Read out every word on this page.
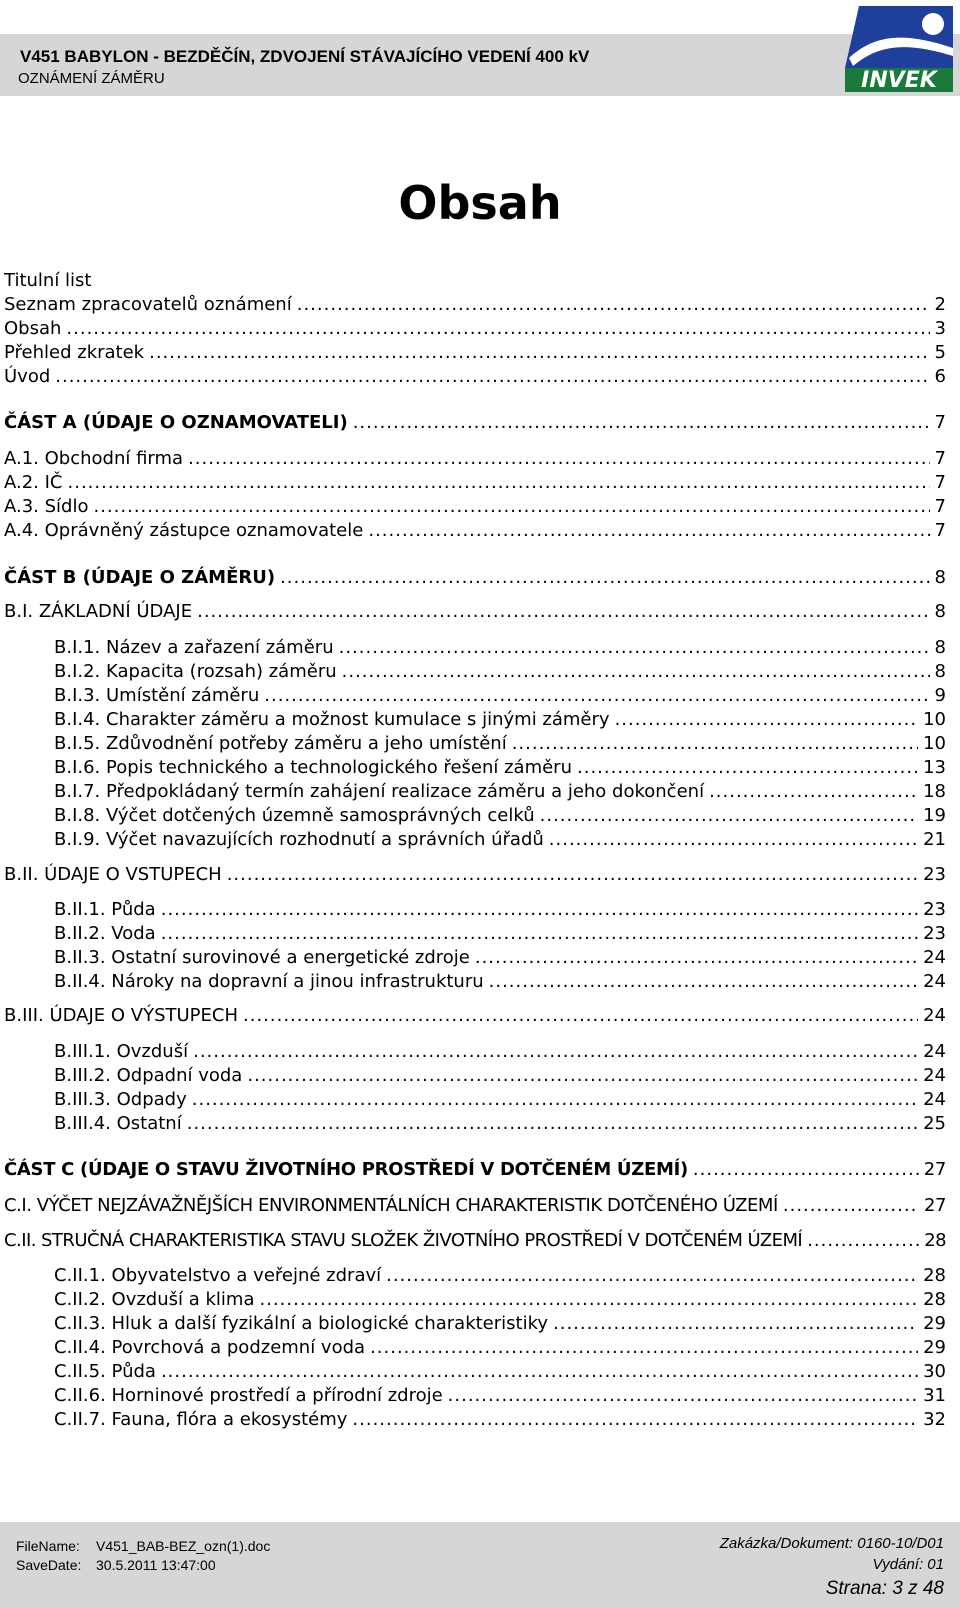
V451 BABYLON - BEZDĚČÍN, ZDVOJENÍ STÁVAJÍCÍHO VEDENÍ 400 kV
OZNÁMENÍ ZÁMĚRU	INVEK
Obsah
Titulní list
Seznam zpracovatelů oznámení .....	2
Obsah .....	3
Přehled zkratek .....	5
Úvod .....	6
ČÁST A (ÚDAJE O OZNAMOVATELI) .....	7
A.1. Obchodní firma .....	7
A.2. IČ .....	7
A.3. Sídlo .....	7
A.4. Oprávněný zástupce oznamovatele .....	7
ČÁST B (ÚDAJE O ZÁMĚRU) .....	8
B.I. ZÁKLADNÍ ÚDAJE .....	8
B.I.1. Název a zařazení záměru .....	8
B.I.2. Kapacita (rozsah) záměru .....	8
B.I.3. Umístění záměru .....	9
B.I.4. Charakter záměru a možnost kumulace s jinými záměry .....	10
B.I.5. Zdůvodnění potřeby záměru a jeho umístění .....	10
B.I.6. Popis technického a technologického řešení záměru .....	13
B.I.7. Předpokládaný termín zahájení realizace záměru a jeho dokončení .....	18
B.I.8. Výčet dotčených územně samosprávných celků .....	19
B.I.9. Výčet navazujících rozhodnutí a správních úřadů .....	21
B.II. ÚDAJE O VSTUPECH .....	23
B.II.1. Půda .....	23
B.II.2. Voda .....	23
B.II.3. Ostatní surovinové a energetické zdroje .....	24
B.II.4. Nároky na dopravní a jinou infrastrukturu .....	24
B.III. ÚDAJE O VÝSTUPECH .....	24
B.III.1. Ovzduší .....	24
B.III.2. Odpadní voda .....	24
B.III.3. Odpady .....	24
B.III.4. Ostatní .....	25
ČÁST C (ÚDAJE O STAVU ŽIVOTNÍHO PROSTŘEDÍ V DOTČENÉM ÚZEMÍ) .....	27
C.I. VÝČET NEJZÁVAŽNĚJŠÍCH ENVIRONMENTÁLNÍCH CHARAKTERISTIK DOTČENÉHO ÚZEMÍ .....	27
C.II. STRUČNÁ CHARAKTERISTIKA STAVU SLOŽEK ŽIVOTNÍHO PROSTŘEDÍ V DOTČENÉM ÚZEMÍ .....	28
C.II.1. Obyvatelstvo a veřejné zdraví .....	28
C.II.2. Ovzduší a klima .....	28
C.II.3. Hluk a další fyzikální a biologické charakteristiky .....	29
C.II.4. Povrchová a podzemní voda .....	29
C.II.5. Půda .....	30
C.II.6. Horninové prostředí a přírodní zdroje .....	31
C.II.7. Fauna, flóra a ekosystémy .....	32
FileName: V451_BAB-BEZ_ozn(1).doc
SaveDate: 30.5.2011 13:47:00
Zakázka/Dokument: 0160-10/D01
Vydání: 01
Strana: 3 z 48
